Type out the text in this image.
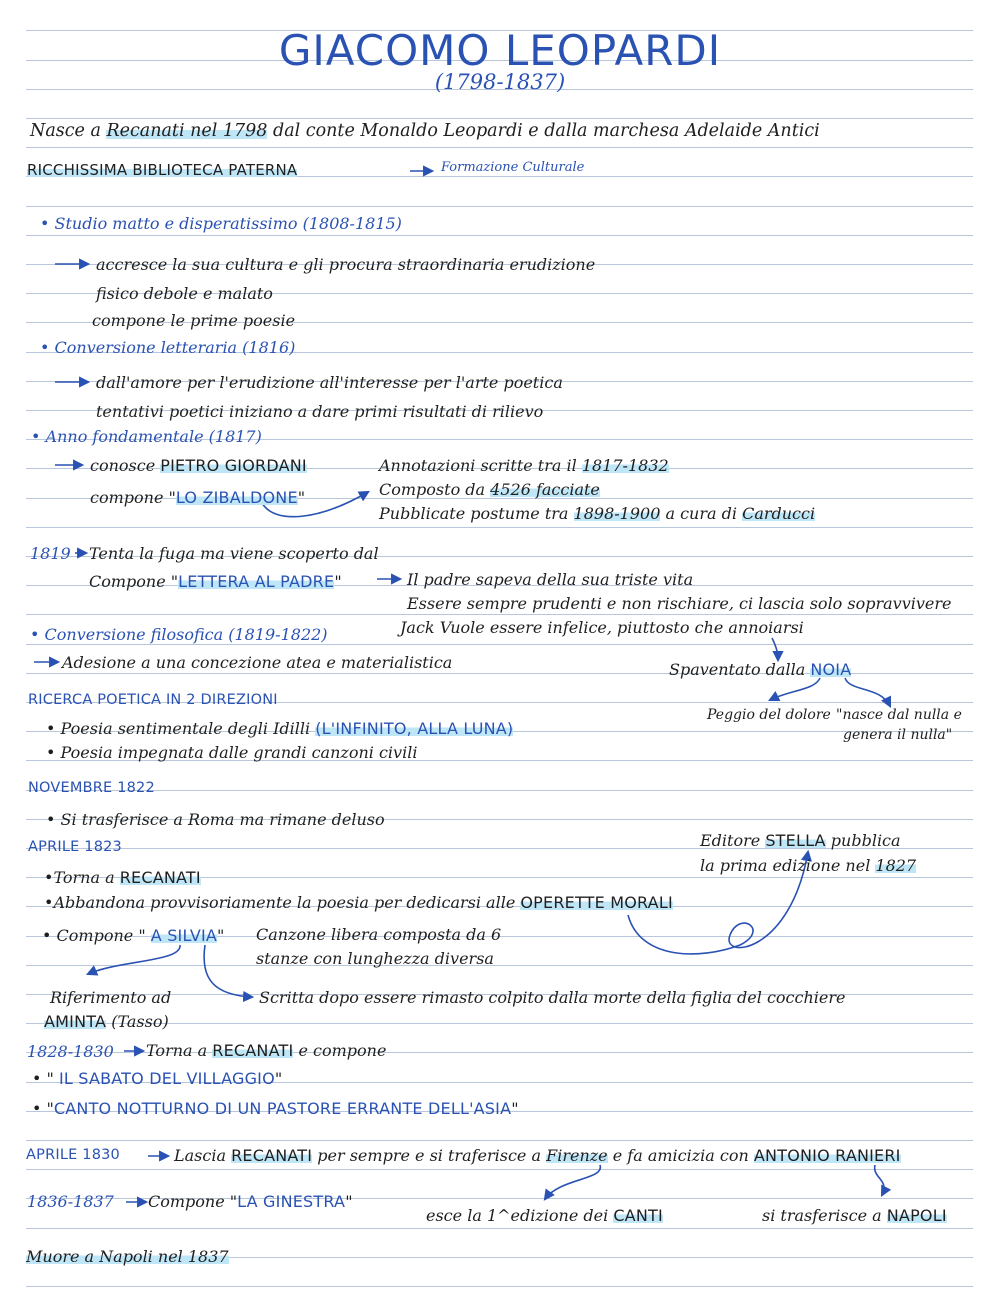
GIACOMO LEOPARDI
(1798-1837)
Nasce a Recanati nel 1798 dal conte Monaldo Leopardi e dalla marchesa Adelaide Antici
RICCHISSIMA BIBLIOTECA PATERNA	Formazione Culturale
• Studio matto e disperatissimo (1808-1815)
accresce la sua cultura e gli procura straordinaria erudizione
fisico debole e malato
compone le prime poesie
• Conversione letteraria (1816)
dall'amore per l'erudizione all'interesse per l'arte poetica
tentativi poetici iniziano a dare primi risultati di rilievo
• Anno fondamentale (1817)
conosce PIETRO GIORDANI
compone "LO ZIBALDONE"
Annotazioni scritte tra il 1817-1832
Composto da 4526 facciate
Pubblicate postume tra 1898-1900 a cura di Carducci
1819 Tenta la fuga ma viene scoperto dal
Compone "LETTERA AL PADRE"	Il padre sapeva della sua triste vita
Essere sempre prudenti e non rischiare, ci lascia solo sopravvivere
Jack Vuole essere infelice, piuttosto che annoiarsi
• Conversione filosofica (1819-1822)
Adesione a una concezione atea e materialistica	Spaventato dalla NOIA
Peggio del dolore "nasce dal nulla e
genera il nulla"
RICERCA POETICA IN 2 DIREZIONI
• Poesia sentimentale degli Idilli (L'INFINITO, ALLA LUNA)
• Poesia impegnata dalle grandi canzoni civili
NOVEMBRE 1822
• Si trasferisce a Roma ma rimane deluso
APRILE 1823
•Torna a RECANATI
•Abbandona provvisoriamente la poesia per dedicarsi alle OPERETTE MORALI
• Compone " A SILVIA" Canzone libera composta da 6
stanze con lunghezza diversa
Riferimento ad
AMINTA (Tasso)
Scritta dopo essere rimasto colpito dalla morte della figlia del cocchiere
Editore STELLA pubblica
la prima edizione nel 1827
1828-1830 Torna a RECANATI e compone
• " IL SABATO DEL VILLAGGIO"
• "CANTO NOTTURNO DI UN PASTORE ERRANTE DELL'ASIA"
APRILE 1830	Lascia RECANATI per sempre e si traferisce a Firenze e fa amicizia con ANTONIO RANIERI
1836-1837 Compone "LA GINESTRA"
esce la 1^edizione dei CANTI	si trasferisce a NAPOLI
Muore a Napoli nel 1837
